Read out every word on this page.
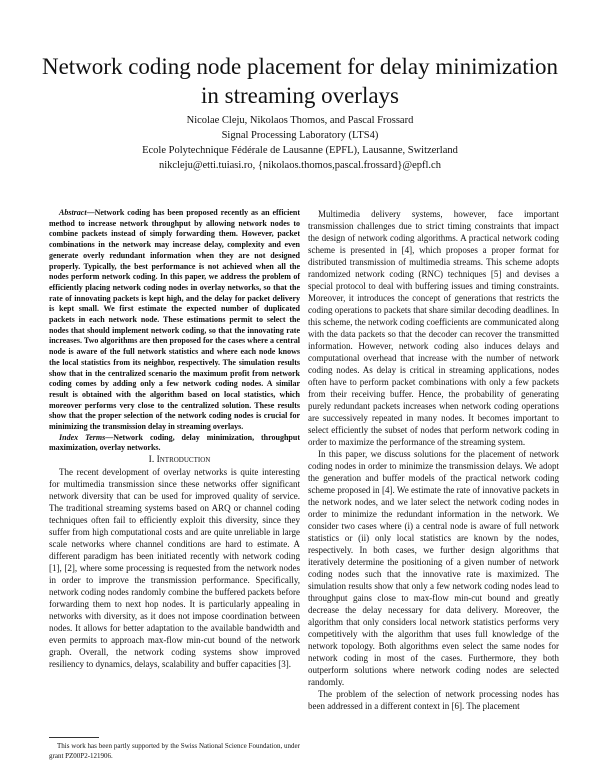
Network coding node placement for delay minimization in streaming overlays
Nicolae Cleju, Nikolaos Thomos, and Pascal Frossard
Signal Processing Laboratory (LTS4)
Ecole Polytechnique Fédérale de Lausanne (EPFL), Lausanne, Switzerland
nikcleju@etti.tuiasi.ro, {nikolaos.thomos,pascal.frossard}@epfl.ch

Abstract—Network coding has been proposed recently as an efficient method to increase network throughput by allowing network nodes to combine packets instead of simply forwarding them. However, packet combinations in the network may increase delay, complexity and even generate overly redundant information when they are not designed properly. Typically, the best performance is not achieved when all the nodes perform network coding. In this paper, we address the problem of efficiently placing network coding nodes in overlay networks, so that the rate of innovating packets is kept high, and the delay for packet delivery is kept small. We first estimate the expected number of duplicated packets in each network node. These estimations permit to select the nodes that should implement network coding, so that the innovating rate increases. Two algorithms are then proposed for the cases where a central node is aware of the full network statistics and where each node knows the local statistics from its neighbor, respectively. The simulation results show that in the centralized scenario the maximum profit from network coding comes by adding only a few network coding nodes. A similar result is obtained with the algorithm based on local statistics, which moreover performs very close to the centralized solution. These results show that the proper selection of the network coding nodes is crucial for minimizing the transmission delay in streaming overlays.

Index Terms—Network coding, delay minimization, throughput maximization, overlay networks.

I. Introduction

The recent development of overlay networks is quite interesting for multimedia transmission since these networks offer significant network diversity that can be used for improved quality of service. The traditional streaming systems based on ARQ or channel coding techniques often fail to efficiently exploit this diversity, since they suffer from high computational costs and are quite unreliable in large scale networks where channel conditions are hard to estimate. A different paradigm has been initiated recently with network coding [1], [2], where some processing is requested from the network nodes in order to improve the transmission performance. Specifically, network coding nodes randomly combine the buffered packets before forwarding them to next hop nodes. It is particularly appealing in networks with diversity, as it does not impose coordination between nodes. It allows for better adaptation to the available bandwidth and even permits to approach max-flow min-cut bound of the network graph. Overall, the network coding systems show improved resiliency to dynamics, delays, scalability and buffer capacities [3].

This work has been partly supported by the Swiss National Science Foundation, under grant PZ00P2-121906.

Multimedia delivery systems, however, face important transmission challenges due to strict timing constraints that impact the design of network coding algorithms. A practical network coding scheme is presented in [4], which proposes a proper format for distributed transmission of multimedia streams. This scheme adopts randomized network coding (RNC) techniques [5] and devises a special protocol to deal with buffering issues and timing constraints. Moreover, it introduces the concept of generations that restricts the coding operations to packets that share similar decoding deadlines. In this scheme, the network coding coefficients are communicated along with the data packets so that the decoder can recover the transmitted information. However, network coding also induces delays and computational overhead that increase with the number of network coding nodes. As delay is critical in streaming applications, nodes often have to perform packet combinations with only a few packets from their receiving buffer. Hence, the probability of generating purely redundant packets increases when network coding operations are successively repeated in many nodes. It becomes important to select efficiently the subset of nodes that perform network coding in order to maximize the performance of the streaming system.

In this paper, we discuss solutions for the placement of network coding nodes in order to minimize the transmission delays. We adopt the generation and buffer models of the practical network coding scheme proposed in [4]. We estimate the rate of innovative packets in the network nodes, and we later select the network coding nodes in order to minimize the redundant information in the network. We consider two cases where (i) a central node is aware of full network statistics or (ii) only local statistics are known by the nodes, respectively. In both cases, we further design algorithms that iteratively determine the positioning of a given number of network coding nodes such that the innovative rate is maximized. The simulation results show that only a few network coding nodes lead to throughput gains close to max-flow min-cut bound and greatly decrease the delay necessary for data delivery. Moreover, the algorithm that only considers local network statistics performs very competitively with the algorithm that uses full knowledge of the network topology. Both algorithms even select the same nodes for network coding in most of the cases. Furthermore, they both outperform solutions where network coding nodes are selected randomly.

The problem of the selection of network processing nodes has been addressed in a different context in [6]. The placement
